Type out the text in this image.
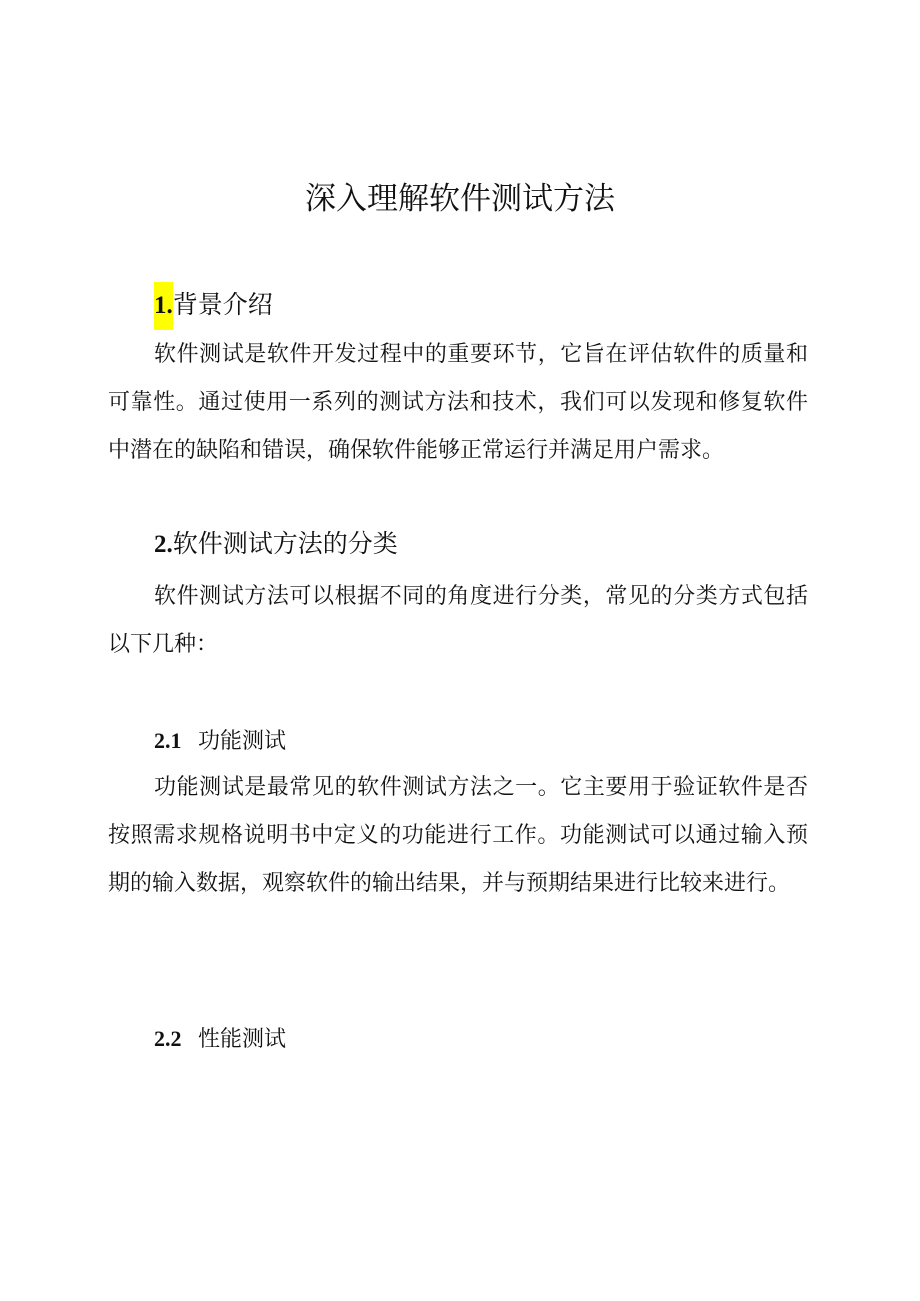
深入理解软件测试方法
1.背景介绍

软件测试是软件开发过程中的重要环节，它旨在评估软件的质量和可靠性。通过使用一系列的测试方法和技术，我们可以发现和修复软件中潜在的缺陷和错误，确保软件能够正常运行并满足用户需求。

2.软件测试方法的分类

软件测试方法可以根据不同的角度进行分类，常见的分类方式包括以下几种：

2.1 功能测试

功能测试是最常见的软件测试方法之一。它主要用于验证软件是否按照需求规格说明书中定义的功能进行工作。功能测试可以通过输入预期的输入数据，观察软件的输出结果，并与预期结果进行比较来进行。

2.2 性能测试
